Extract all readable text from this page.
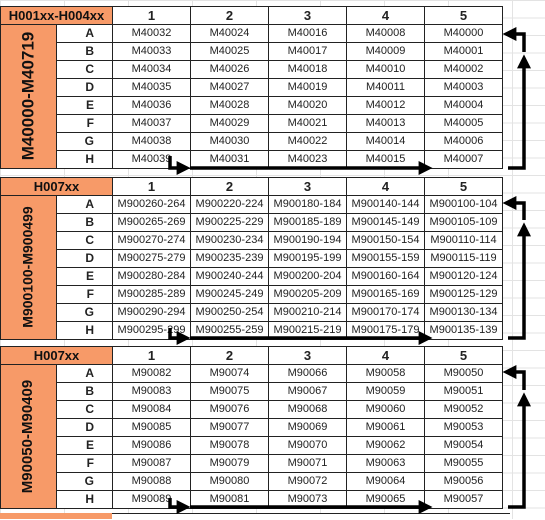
H001xx-H004xx		1	2	3	4	5
	A	M40032	M40024	M40016	M40008	M40000
	B	M40033	M40025	M40017	M40009	M40001
	C	M40034	M40026	M40018	M40010	M40002
	D	M40035	M40027	M40019	M40011	M40003
	E	M40036	M40028	M40020	M40012	M40004
	F	M40037	M40029	M40021	M40013	M40005
	G	M40038	M40030	M40022	M40014	M40006
	H	M40039	M40031	M40023	M40015	M40007
M40000-M40719
H007xx		1	2	3	4	5
	A	M900260-264	M900220-224	M900180-184	M900140-144	M900100-104
	B	M900265-269	M900225-229	M900185-189	M900145-149	M900105-109
	C	M900270-274	M900230-234	M900190-194	M900150-154	M900110-114
	D	M900275-279	M900235-239	M900195-199	M900155-159	M900115-119
	E	M900280-284	M900240-244	M900200-204	M900160-164	M900120-124
	F	M900285-289	M900245-249	M900205-209	M900165-169	M900125-129
	G	M900290-294	M900250-254	M900210-214	M900170-174	M900130-134
	H	M900295-299	M900255-259	M900215-219	M900175-179	M900135-139
M900100-M900499
H007xx		1	2	3	4	5
	A	M90082	M90074	M90066	M90058	M90050
	B	M90083	M90075	M90067	M90059	M90051
	C	M90084	M90076	M90068	M90060	M90052
	D	M90085	M90077	M90069	M90061	M90053
	E	M90086	M90078	M90070	M90062	M90054
	F	M90087	M90079	M90071	M90063	M90055
	G	M90088	M90080	M90072	M90064	M90056
	H	M90089	M90081	M90073	M90065	M90057
M90050-M90409
